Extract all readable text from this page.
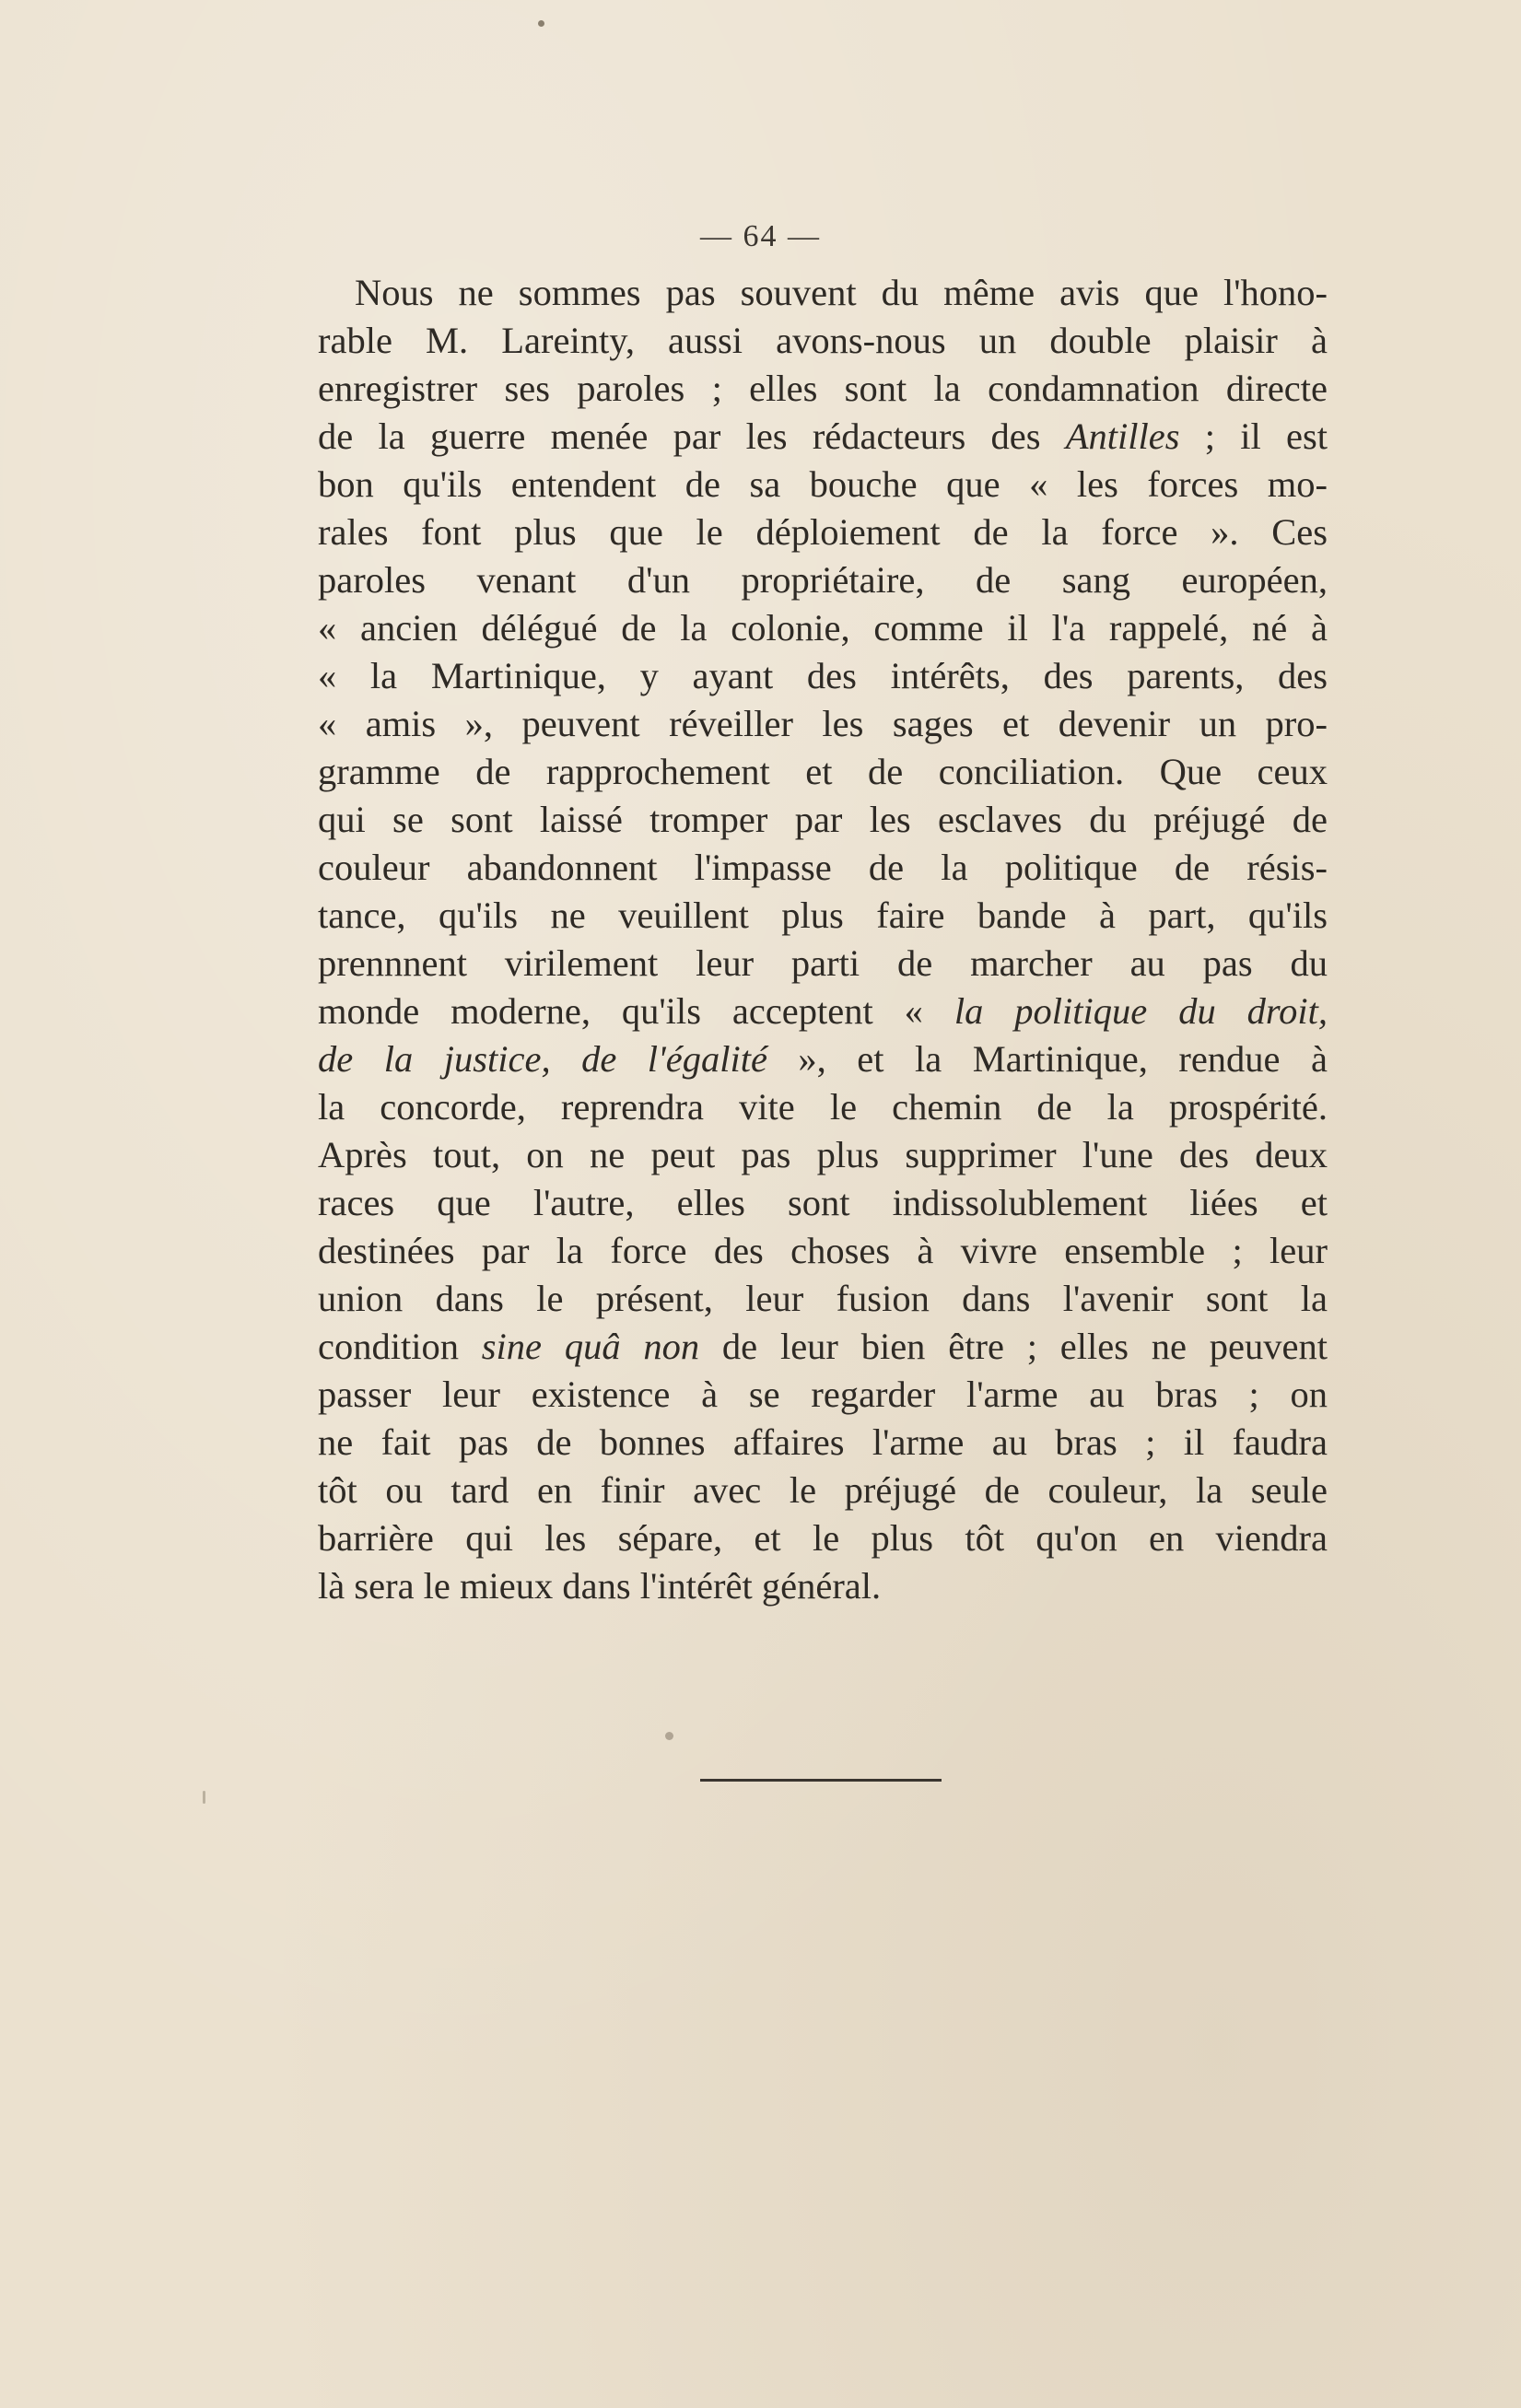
— 64 —
Nous ne sommes pas souvent du même avis que l'hono-
rable M. Lareinty, aussi avons-nous un double plaisir à
enregistrer ses paroles ; elles sont la condamnation directe
de la guerre menée par les rédacteurs des Antilles ; il est
bon qu'ils entendent de sa bouche que « les forces mo-
rales font plus que le déploiement de la force ». Ces
paroles venant d'un propriétaire, de sang européen,
« ancien délégué de la colonie, comme il l'a rappelé, né à
« la Martinique, y ayant des intérêts, des parents, des
« amis », peuvent réveiller les sages et devenir un pro-
gramme de rapprochement et de conciliation. Que ceux
qui se sont laissé tromper par les esclaves du préjugé de
couleur abandonnent l'impasse de la politique de résis-
tance, qu'ils ne veuillent plus faire bande à part, qu'ils
prennnent virilement leur parti de marcher au pas du
monde moderne, qu'ils acceptent « la politique du droit,
de la justice, de l'égalité », et la Martinique, rendue à
la concorde, reprendra vite le chemin de la prospérité.
Après tout, on ne peut pas plus supprimer l'une des deux
races que l'autre, elles sont indissolublement liées et
destinées par la force des choses à vivre ensemble ; leur
union dans le présent, leur fusion dans l'avenir sont la
condition sine quâ non de leur bien être ; elles ne peuvent
passer leur existence à se regarder l'arme au bras ; on
ne fait pas de bonnes affaires l'arme au bras ; il faudra
tôt ou tard en finir avec le préjugé de couleur, la seule
barrière qui les sépare, et le plus tôt qu'on en viendra
là sera le mieux dans l'intérêt général.
